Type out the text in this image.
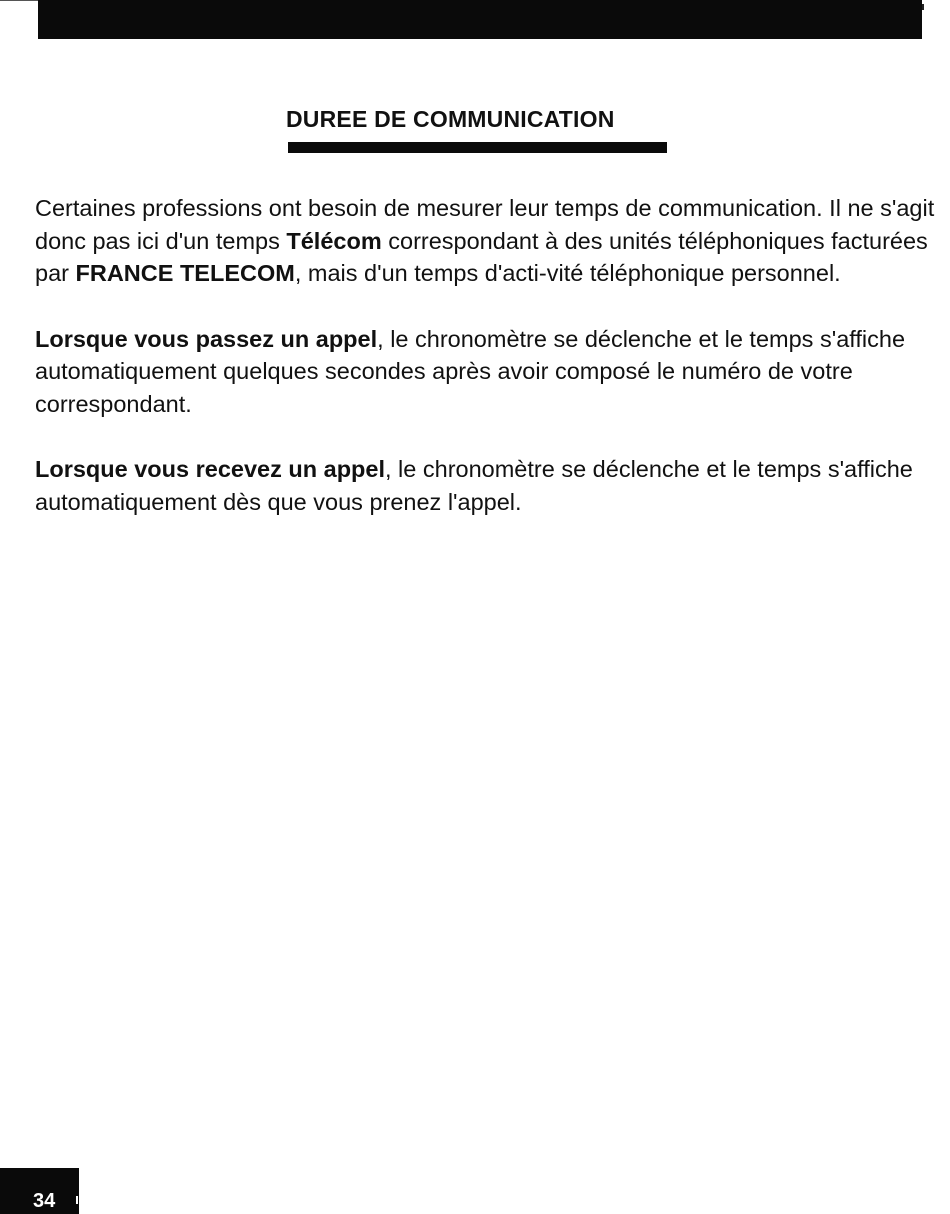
DUREE DE COMMUNICATION

Certaines professions ont besoin de mesurer leur temps de communication. Il ne s'agit donc pas ici d'un temps Télécom correspondant à des unités téléphoniques facturées par FRANCE TELECOM, mais d'un temps d'acti-vité téléphonique personnel.

Lorsque vous passez un appel, le chronomètre se déclenche et le temps s'affiche automatiquement quelques secondes après avoir composé le numéro de votre correspondant.

Lorsque vous recevez un appel, le chronomètre se déclenche et le temps s'affiche automatiquement dès que vous prenez l'appel.

34
